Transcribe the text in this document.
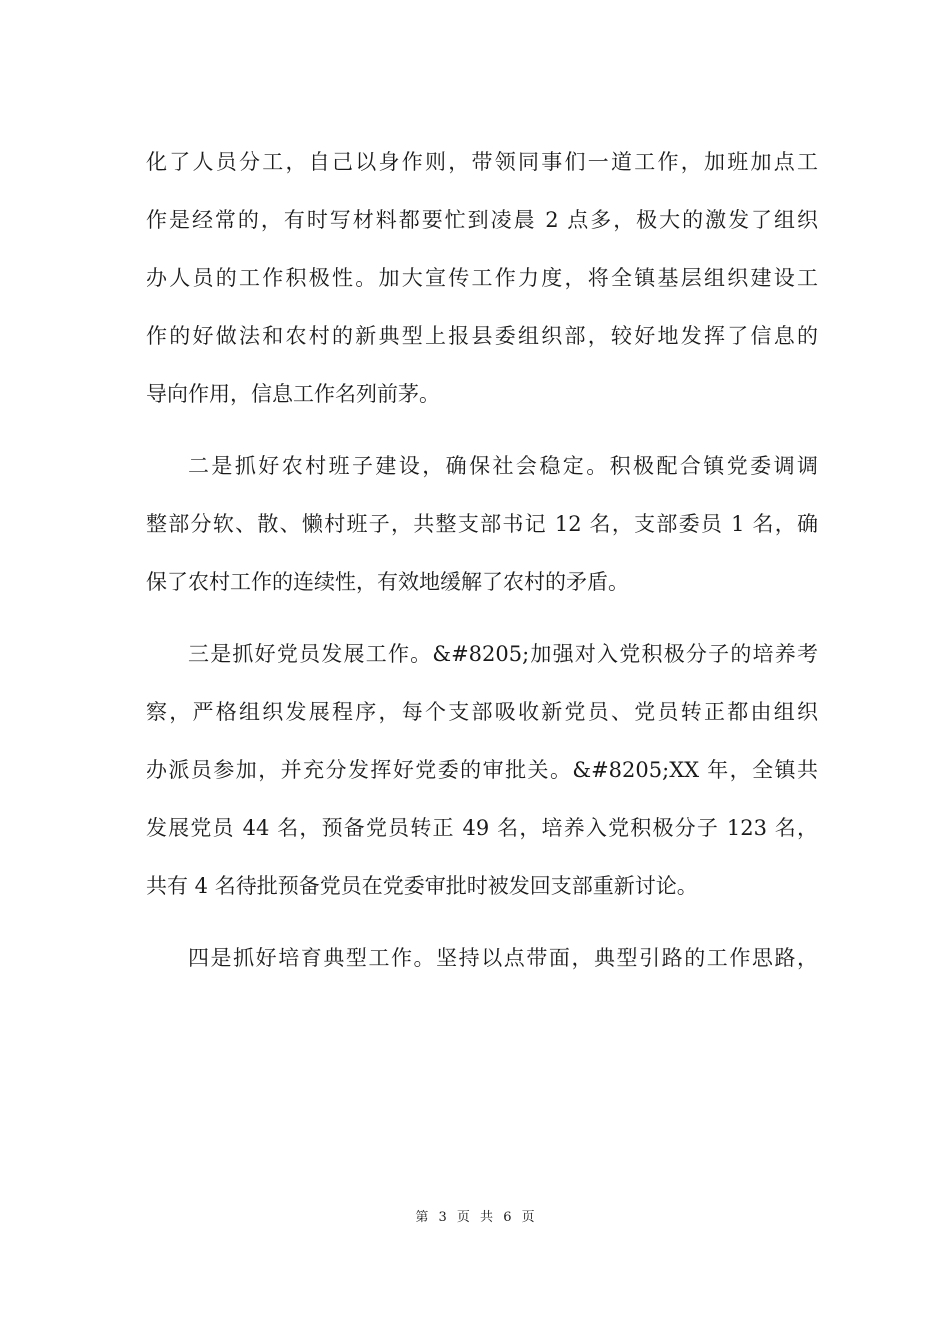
化了人员分工，自己以身作则，带领同事们一道工作，加班加点工
作是经常的，有时写材料都要忙到凌晨 2 点多，极大的激发了组织
办人员的工作积极性。加大宣传工作力度，将全镇基层组织建设工
作的好做法和农村的新典型上报县委组织部，较好地发挥了信息的
导向作用，信息工作名列前茅。
二是抓好农村班子建设，确保社会稳定。积极配合镇党委调调
整部分软、散、懒村班子，共整支部书记 12 名，支部委员 1 名，确
保了农村工作的连续性，有效地缓解了农村的矛盾。
三是抓好党员发展工作。&#8205;加强对入党积极分子的培养考
察，严格组织发展程序，每个支部吸收新党员、党员转正都由组织
办派员参加，并充分发挥好党委的审批关。&#8205;XX 年，全镇共
发展党员 44 名，预备党员转正 49 名，培养入党积极分子 123 名，
共有 4 名待批预备党员在党委审批时被发回支部重新讨论。
四是抓好培育典型工作。坚持以点带面，典型引路的工作思路，
第 3 页 共 6 页
